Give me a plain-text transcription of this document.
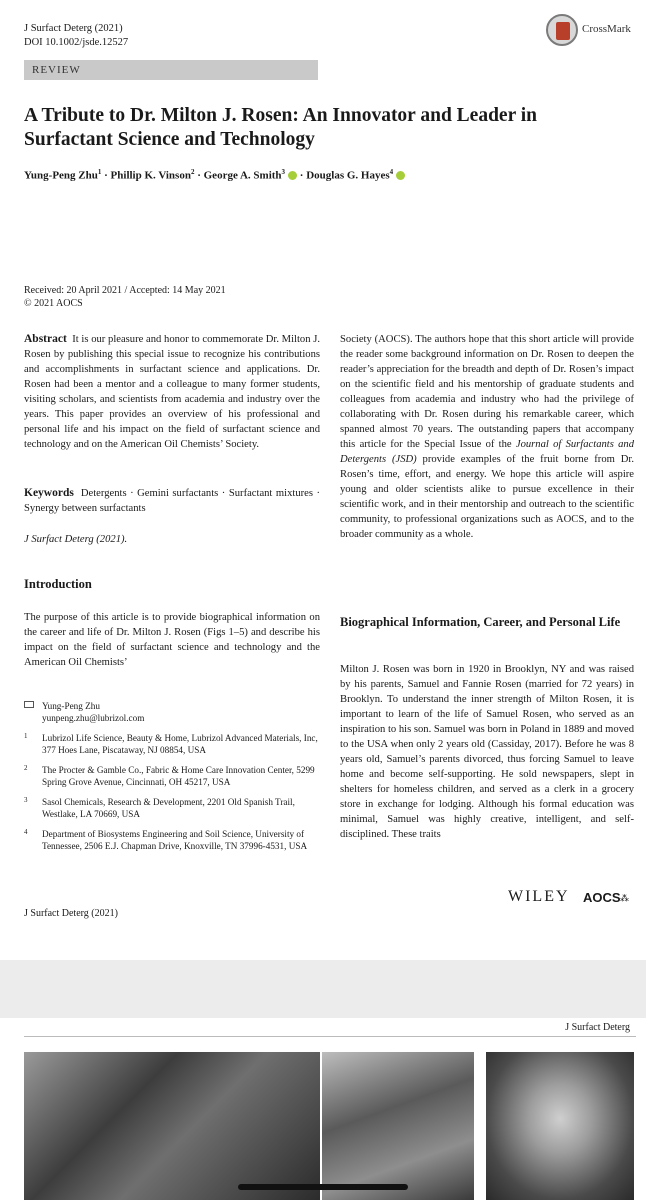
J Surfact Deterg (2021)
DOI 10.1002/jsde.12527
CrossMark
REVIEW
A Tribute to Dr. Milton J. Rosen: An Innovator and Leader in Surfactant Science and Technology
Yung-Peng Zhu$^1$ · Phillip K. Vinson$^2$ · George A. Smith$^3$ · Douglas G. Hayes$^4$
Received: 20 April 2021 / Accepted: 14 May 2021
© 2021 AOCS
Abstract It is our pleasure and honor to commemorate Dr. Milton J. Rosen by publishing this special issue to recognize his contributions and accomplishments in surfactant science and applications. Dr. Rosen had been a mentor and a colleague to many former students, visiting scholars, and scientists from academia and industry over the years. This paper provides an overview of his professional and personal life and his impact on the field of surfactant science and technology and on the American Oil Chemists’ Society.
Keywords Detergents · Gemini surfactants · Surfactant mixtures · Synergy between surfactants
J Surfact Deterg (2021).
Introduction
The purpose of this article is to provide biographical information on the career and life of Dr. Milton J. Rosen (Figs 1–5) and describe his impact on the field of surfactant science and technology and the American Oil Chemists’
Yung-Peng Zhu
yunpeng.zhu@lubrizol.com
1 Lubrizol Life Science, Beauty & Home, Lubrizol Advanced Materials, Inc, 377 Hoes Lane, Piscataway, NJ 08854, USA
2 The Procter & Gamble Co., Fabric & Home Care Innovation Center, 5299 Spring Grove Avenue, Cincinnati, OH 45217, USA
3 Sasol Chemicals, Research & Development, 2201 Old Spanish Trail, Westlake, LA 70669, USA
4 Department of Biosystems Engineering and Soil Science, University of Tennessee, 2506 E.J. Chapman Drive, Knoxville, TN 37996-4531, USA
Society (AOCS). The authors hope that this short article will provide the reader some background information on Dr. Rosen to deepen the reader’s appreciation for the breadth and depth of Dr. Rosen’s impact on the scientific field and his mentorship of graduate students and colleagues from academia and industry who had the privilege of collaborating with Dr. Rosen during his remarkable career, which spanned almost 70 years. The outstanding papers that accompany this article for the Special Issue of the Journal of Surfactants and Detergents (JSD) provide examples of the fruit borne from Dr. Rosen’s time, effort, and energy. We hope this article will aspire young and older scientists alike to pursue excellence in their scientific work, and in their mentorship and outreach to the scientific community, to professional organizations such as AOCS, and to the broader community as a whole.
Biographical Information, Career, and Personal Life
Milton J. Rosen was born in 1920 in Brooklyn, NY and was raised by his parents, Samuel and Fannie Rosen (married for 72 years) in Brooklyn. To understand the inner strength of Milton Rosen, it is important to learn of the life of Samuel Rosen, who served as an inspiration to his son. Samuel was born in Poland in 1889 and moved to the USA when only 2 years old (Cassiday, 2017). Before he was 8 years old, Samuel’s parents divorced, thus forcing Samuel to leave home and become self-supporting. He sold newspapers, slept in shelters for homeless children, and served as a clerk in a grocery store in exchange for lodging. Although his formal education was minimal, Samuel was highly creative, intelligent, and self-disciplined. These traits
WILEY AOCS ⁂
J Surfact Deterg (2021)
J Surfact Deterg
